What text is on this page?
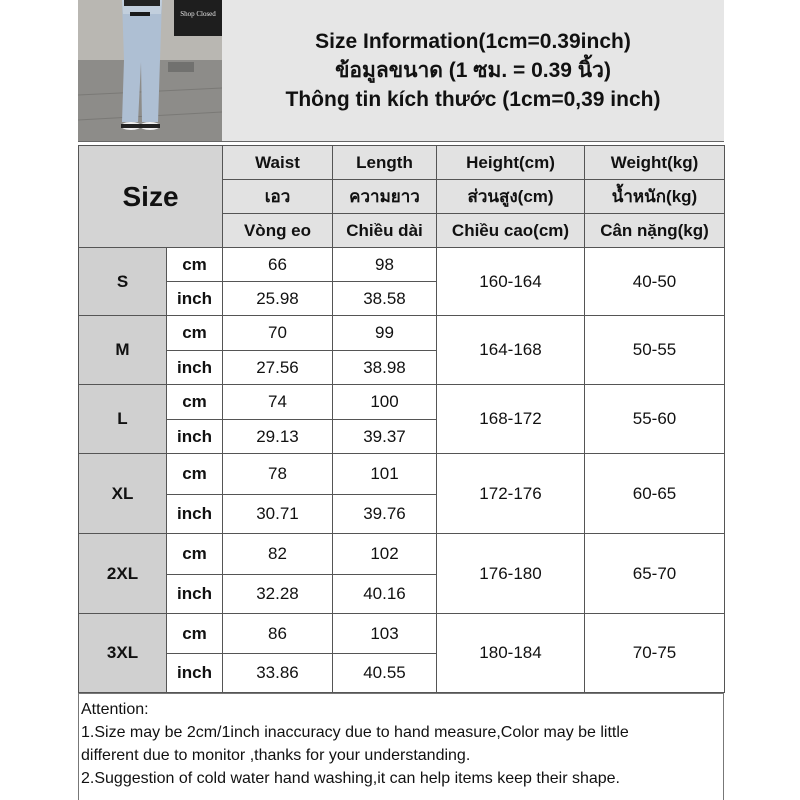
Shop Closed
Size Information(1cm=0.39inch)
ข้อมูลขนาด (1 ซม. = 0.39 นิ้ว)
Thông tin kích thước (1cm=0,39 inch)
Size		Waist	Length	Height(cm)	Weight(kg)
		เอว	ความยาว	ส่วนสูง(cm)	น้ำหนัก(kg)
		Vòng eo	Chiều dài	Chiều cao(cm)	Cân nặng(kg)
S	cm	66	98	160-164	40-50
	inch	25.98	38.58		
M	cm	70	99	164-168	50-55
	inch	27.56	38.98		
L	cm	74	100	168-172	55-60
	inch	29.13	39.37		
XL	cm	78	101	172-176	60-65
	inch	30.71	39.76		
2XL	cm	82	102	176-180	65-70
	inch	32.28	40.16		
3XL	cm	86	103	180-184	70-75
	inch	33.86	40.55		

Attention:

1.Size may be 2cm/1inch inaccuracy due to hand measure,Color may be little

different due to monitor ,thanks for your understanding.

2.Suggestion of cold water hand washing,it can help items keep their shape.
